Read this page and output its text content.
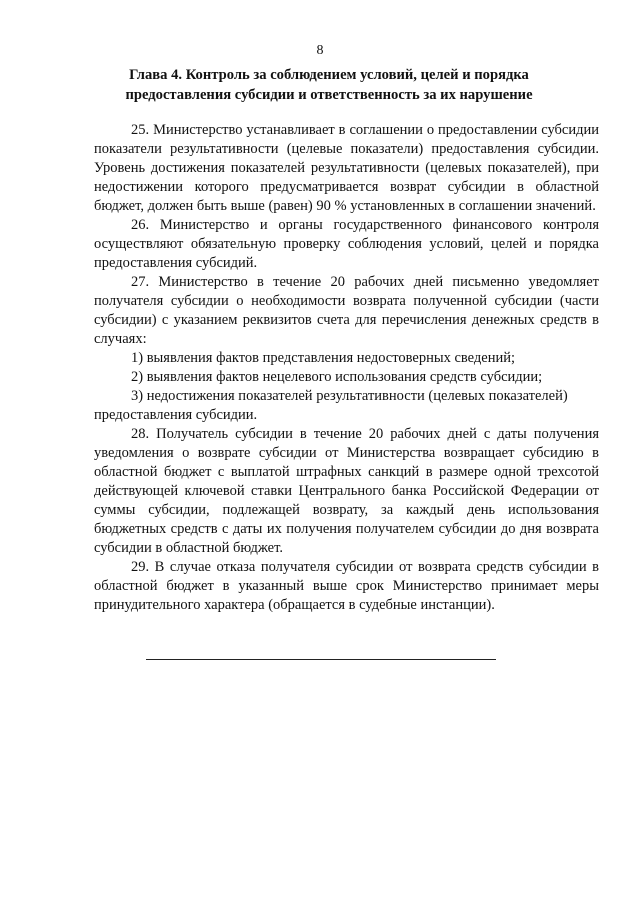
8
Глава 4. Контроль за соблюдением условий, целей и порядка предоставления субсидии и ответственность за их нарушение

25. Министерство устанавливает в соглашении о предоставлении субсидии показатели результативности (целевые показатели) предоставления субсидии. Уровень достижения показателей результативности (целевых показателей), при недостижении которого предусматривается возврат субсидии в областной бюджет, должен быть выше (равен) 90 % установленных в соглашении значений.

26. Министерство и органы государственного финансового контроля осуществляют обязательную проверку соблюдения условий, целей и порядка предоставления субсидий.

27. Министерство в течение 20 рабочих дней письменно уведомляет получателя субсидии о необходимости возврата полученной субсидии (части субсидии) с указанием реквизитов счета для перечисления денежных средств в случаях:

1) выявления фактов представления недостоверных сведений;

2) выявления фактов нецелевого использования средств субсидии;

3) недостижения показателей результативности (целевых показателей) предоставления субсидии.

28. Получатель субсидии в течение 20 рабочих дней с даты получения уведомления о возврате субсидии от Министерства возвращает субсидию в областной бюджет с выплатой штрафных санкций в размере одной трехсотой действующей ключевой ставки Центрального банка Российской Федерации от суммы субсидии, подлежащей возврату, за каждый день использования бюджетных средств с даты их получения получателем субсидии до дня возврата субсидии в областной бюджет.

29. В случае отказа получателя субсидии от возврата средств субсидии в областной бюджет в указанный выше срок Министерство принимает меры принудительного характера (обращается в судебные инстанции).
